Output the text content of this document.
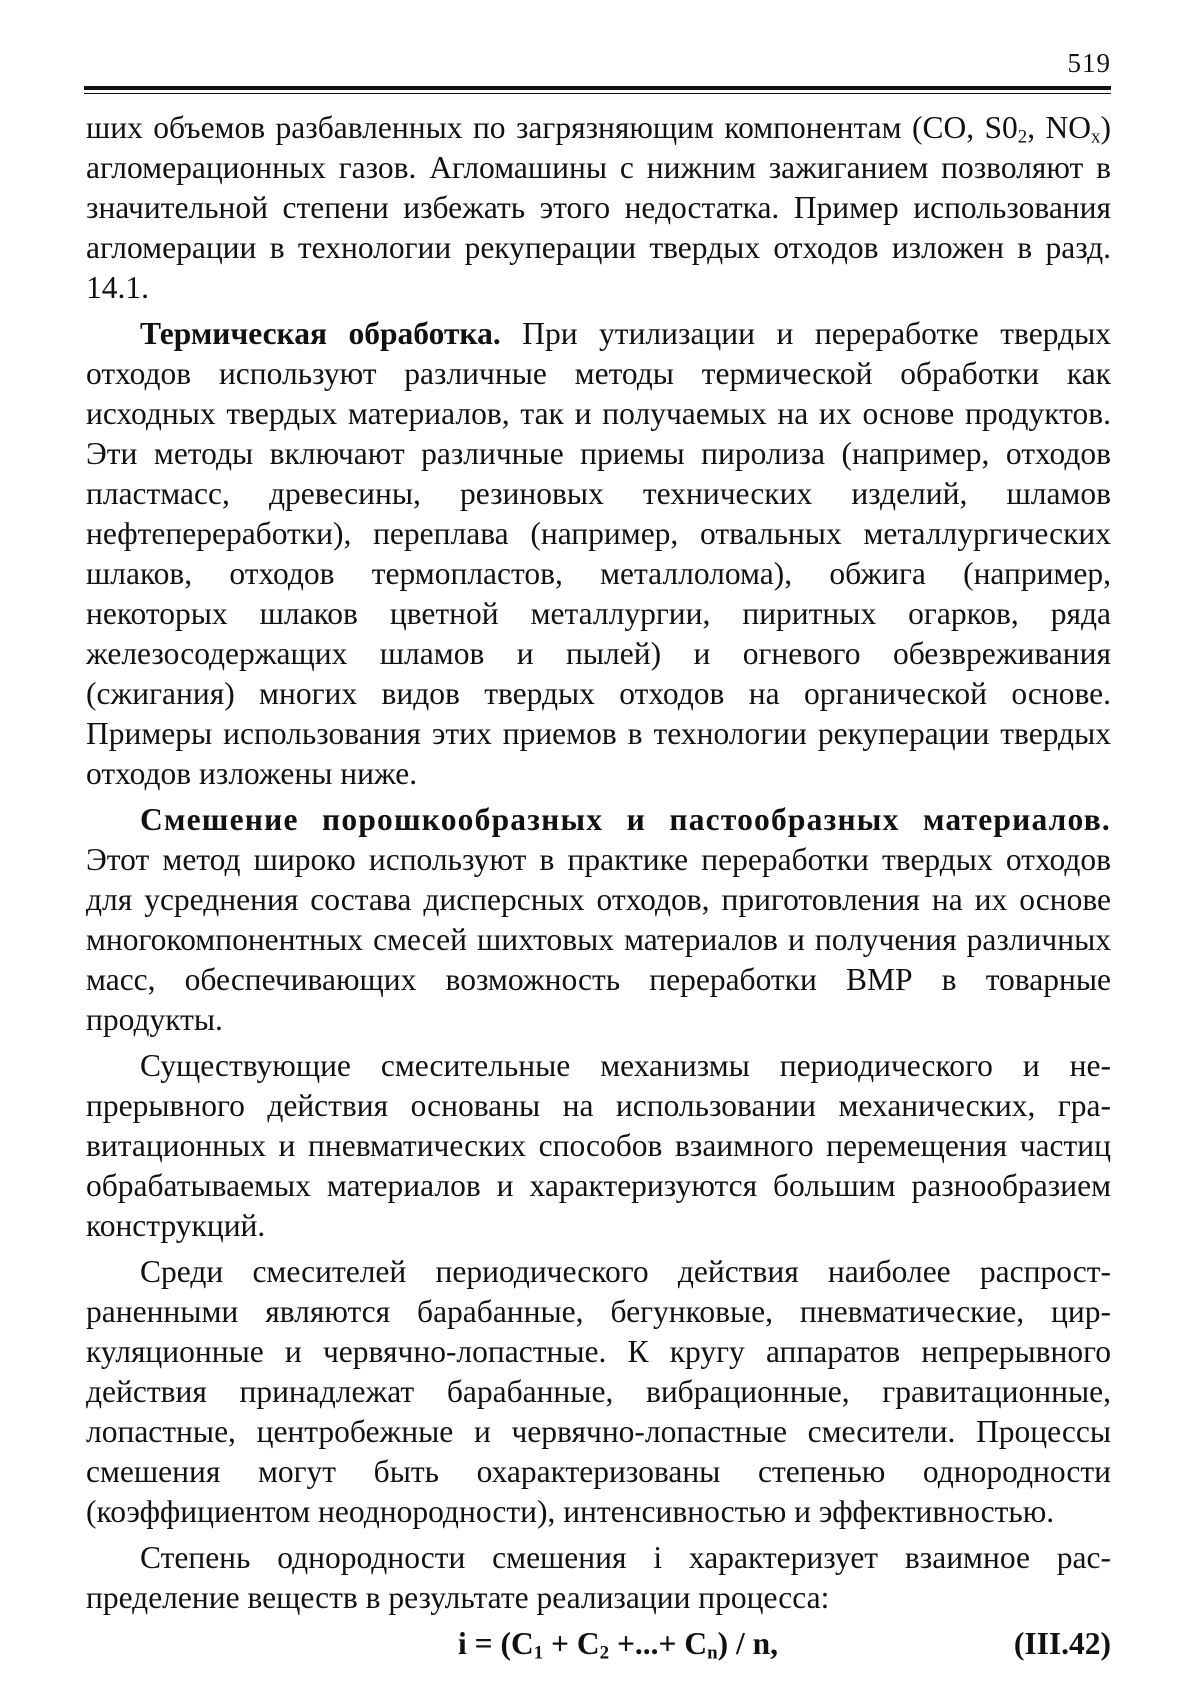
519

ших объемов разбавленных по загрязняющим компонентам (CO, $S0_2$, $NO_x$) агломерационных газов. Агломашины с нижним зажиганием позволяют в значительной степени избежать этого недостатка. Пример использования агломерации в технологии рекуперации твердых отходов изложен в разд. 14.1.

Термическая обработка. При утилизации и переработке твердых отходов используют различные методы термической обработки как исходных твердых материалов, так и получаемых на их основе продуктов. Эти методы включают различные приемы пиролиза (например, отходов пластмасс, древесины, резиновых технических изделий, шламов нефтепереработки), переплава (например, отвальных металлургических шлаков, отходов термопластов, металлолома), обжига (например, некоторых шлаков цветной металлургии, пиритных огарков, ряда железосодержащих шламов и пылей) и огневого обезвреживания (сжигания) многих видов твердых отходов на органической основе. Примеры использования этих приемов в технологии рекуперации твердых отходов изложены ниже.

Смешение порошкообразных и пастообразных материалов. Этот метод широко используют в практике переработки твердых отходов для усреднения состава дисперсных отходов, приготовления на их основе многокомпонентных смесей шихтовых материалов и получения различных масс, обеспечивающих возможность переработки ВМР в товарные продукты.

Существующие смесительные механизмы периодического и непрерывного действия основаны на использовании механических, гравитационных и пневматических способов взаимного перемещения частиц обрабатываемых материалов и характеризуются большим разнообразием конструкций.

Среди смесителей периодического действия наиболее распространенными являются барабанные, бегунковые, пневматические, циркуляционные и червячно-лопастные. К кругу аппаратов непрерывного действия принадлежат барабанные, вибрационные, гравитационные, лопастные, центробежные и червячно-лопастные смесители. Процессы смешения могут быть охарактеризованы степенью однородности (коэффициентом неоднородности), интенсивностью и эффективностью.

Степень однородности смешения i характеризует взаимное распределение веществ в результате реализации процесса:

$i = (C_1 + C_2$ +...+ $C_n$) / n,	(III.42)
